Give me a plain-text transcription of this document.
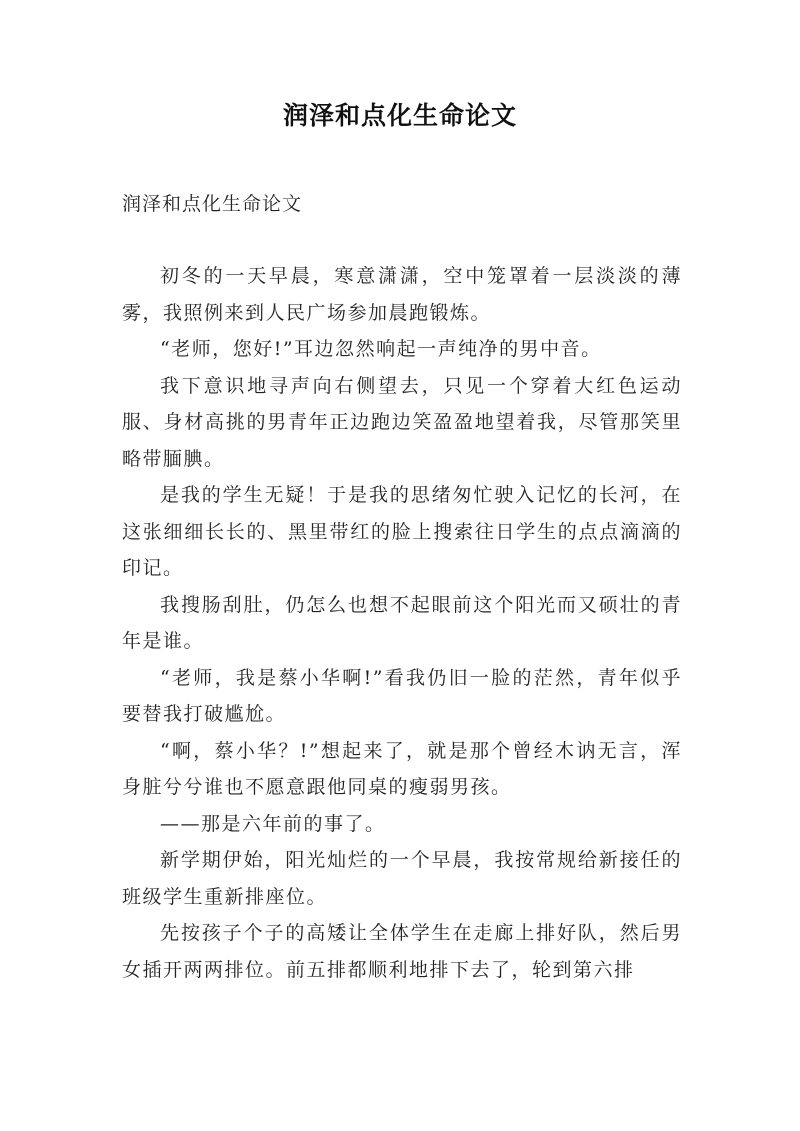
润泽和点化生命论文
润泽和点化生命论文

初冬的一天早晨，寒意潇潇，空中笼罩着一层淡淡的薄雾，我照例来到人民广场参加晨跑锻炼。

“老师，您好!”耳边忽然响起一声纯净的男中音。

我下意识地寻声向右侧望去，只见一个穿着大红色运动服、身材高挑的男青年正边跑边笑盈盈地望着我，尽管那笑里略带腼腆。

是我的学生无疑！于是我的思绪匆忙驶入记忆的长河，在这张细细长长的、黑里带红的脸上搜索往日学生的点点滴滴的印记。

我搜肠刮肚，仍怎么也想不起眼前这个阳光而又硕壮的青年是谁。

“老师，我是蔡小华啊!”看我仍旧一脸的茫然，青年似乎要替我打破尴尬。

“啊，蔡小华？!”想起来了，就是那个曾经木讷无言，浑身脏兮兮谁也不愿意跟他同桌的瘦弱男孩。

——那是六年前的事了。

新学期伊始，阳光灿烂的一个早晨，我按常规给新接任的班级学生重新排座位。

先按孩子个子的高矮让全体学生在走廊上排好队，然后男女插开两两排位。前五排都顺利地排下去了，轮到第六排
